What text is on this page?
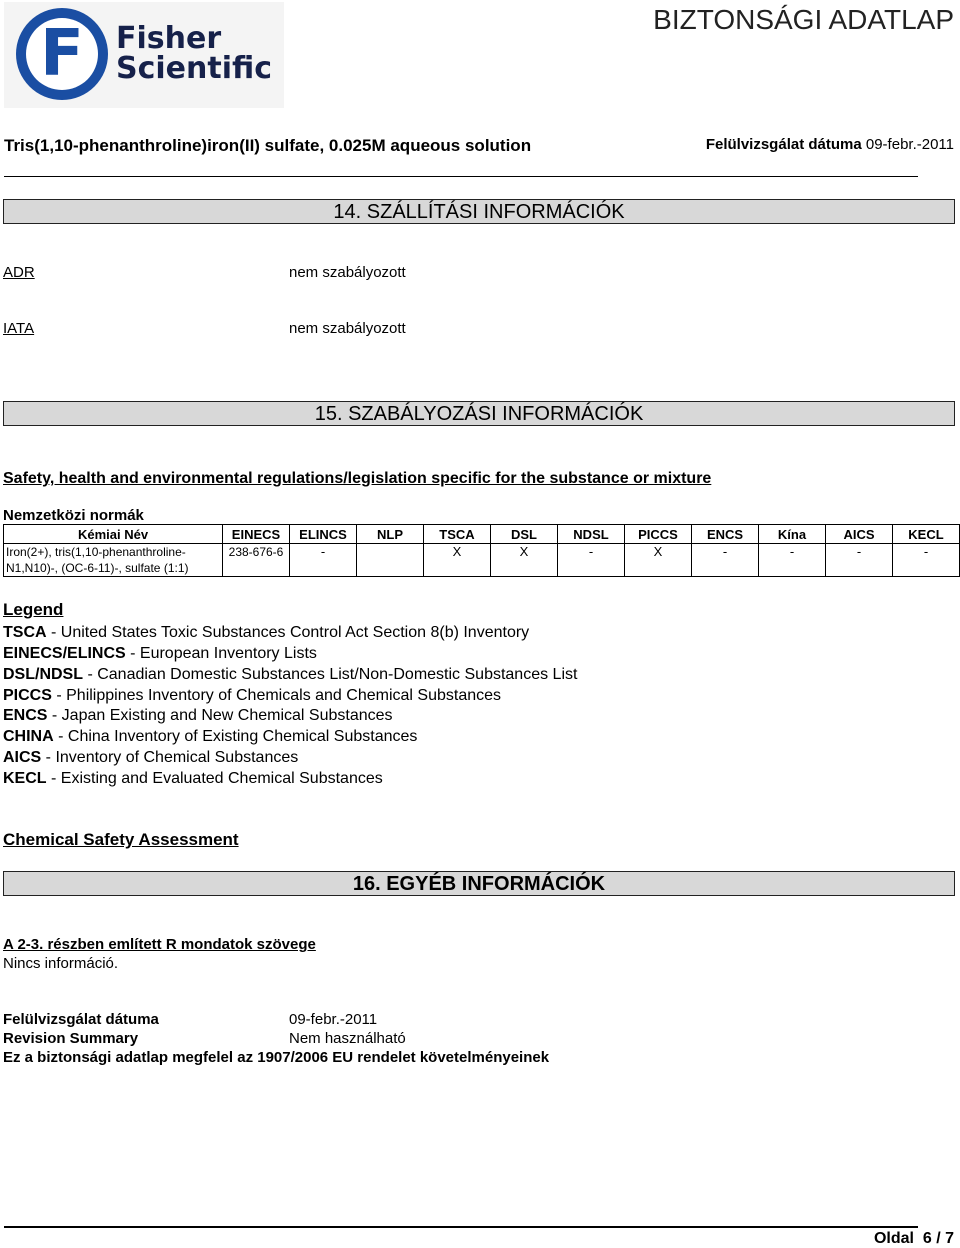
F	Fisher
Scientific
BIZTONSÁGI ADATLAP
Tris(1,10-phenanthroline)iron(II) sulfate, 0.025M aqueous solution	Felülvizsgálat dátuma 09-febr.-2011
14. SZÁLLÍTÁSI INFORMÁCIÓK
ADR	nem szabályozott
IATA	nem szabályozott
15. SZABÁLYOZÁSI INFORMÁCIÓK
Safety, health and environmental regulations/legislation specific for the substance or mixture
Nemzetközi normák
Kémiai Név	EINECS	ELINCS	NLP	TSCA	DSL	NDSL	PICCS	ENCS	Kína	AICS	KECL
Iron(2+), tris(1,10-phenanthroline-N1,N10)-, (OC-6-11)-, sulfate (1:1)	238-676-6	-		X	X	-	X	-	-	-	-
Legend
TSCA - United States Toxic Substances Control Act Section 8(b) Inventory
EINECS/ELINCS - European Inventory Lists
DSL/NDSL - Canadian Domestic Substances List/Non-Domestic Substances List
PICCS - Philippines Inventory of Chemicals and Chemical Substances
ENCS - Japan Existing and New Chemical Substances
CHINA - China Inventory of Existing Chemical Substances
AICS - Inventory of Chemical Substances
KECL - Existing and Evaluated Chemical Substances
Chemical Safety Assessment
16. EGYÉB INFORMÁCIÓK
A 2-3. részben említett R mondatok szövege
Nincs információ.
Felülvizsgálat dátuma	09-febr.-2011
Revision Summary	Nem használható
Ez a biztonsági adatlap megfelel az 1907/2006 EU rendelet követelményeinek
Oldal  6 / 7
